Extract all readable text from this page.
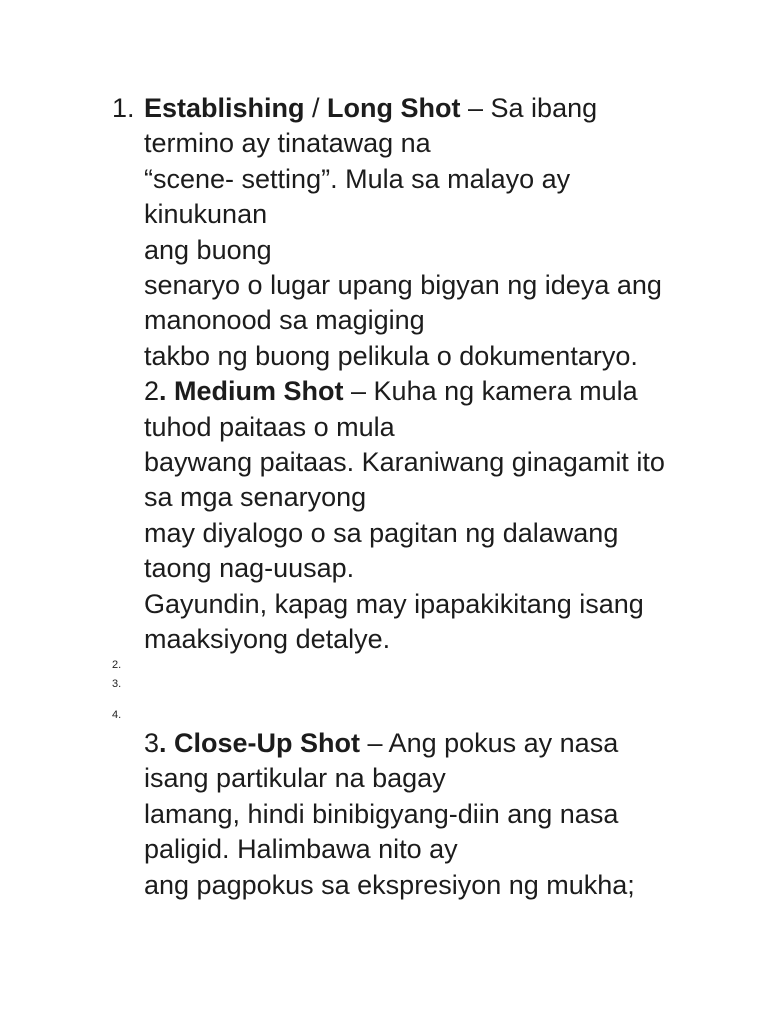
1. Establishing / Long Shot – Sa ibang
termino ay tinatawag na
“scene- setting”. Mula sa malayo ay
kinukunan
ang buong
senaryo o lugar upang bigyan ng ideya ang
manonood sa magiging
takbo ng buong pelikula o dokumentaryo.
2. Medium Shot – Kuha ng kamera mula
tuhod paitaas o mula
baywang paitaas. Karaniwang ginagamit ito
sa mga senaryong
may diyalogo o sa pagitan ng dalawang
taong nag-uusap.
Gayundin, kapag may ipapakikitang isang
maaksiyong detalye.
2.
3.
4.
3. Close-Up Shot – Ang pokus ay nasa
isang partikular na bagay
lamang, hindi binibigyang-diin ang nasa
paligid. Halimbawa nito ay
ang pagpokus sa ekspresiyon ng mukha;
